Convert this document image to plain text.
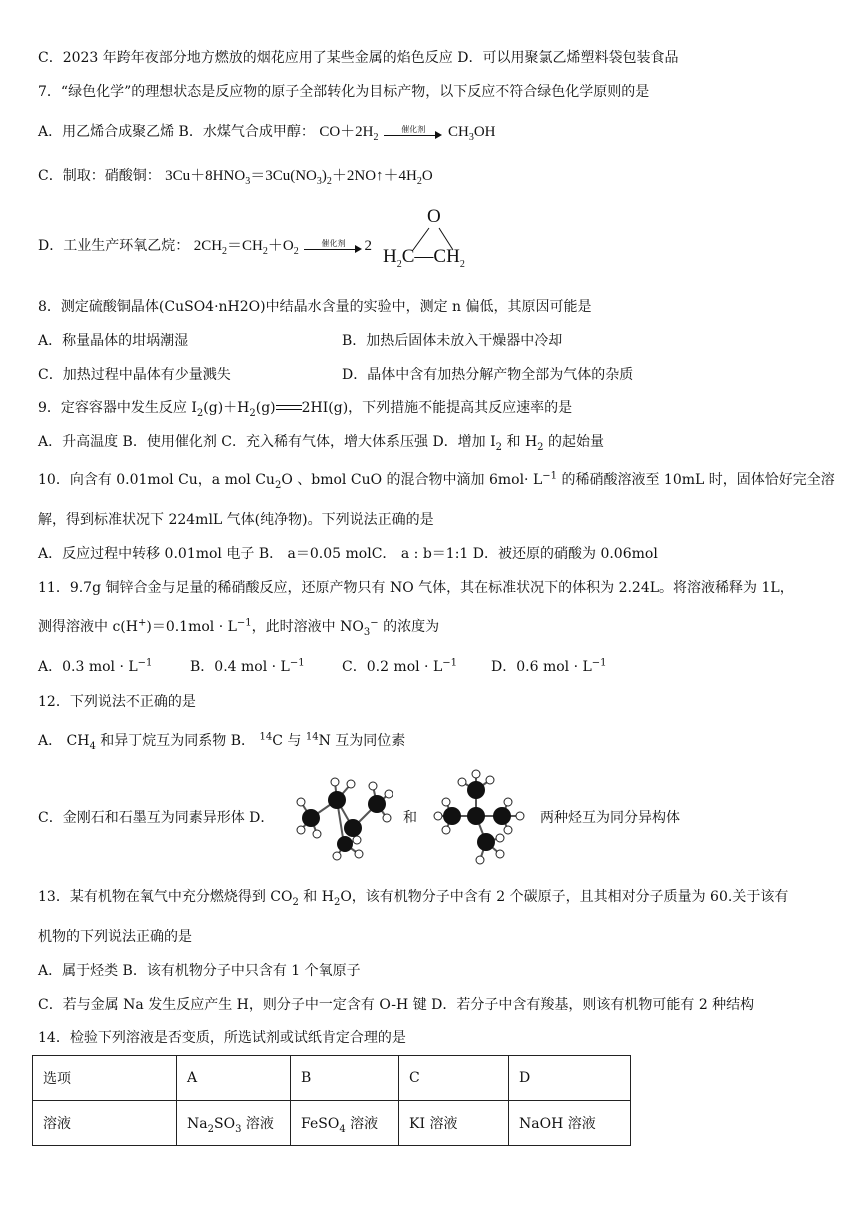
C．2023 年跨年夜部分地方燃放的烟花应用了某些金属的焰色反应 D．可以用聚氯乙烯塑料袋包装食品
7．“绿色化学”的理想状态是反应物的原子全部转化为目标产物，以下反应不符合绿色化学原则的是
A．用乙烯合成聚乙烯 B．水煤气合成甲醇： $CO+2H_2$
催化剂	$CH_3OH$
C．制取：硝酸铜： $3Cu+8HNO_3=3Cu(NO_3)_2+2NO↑+4H_2O$
D．工业生产环氧乙烷： $2CH_2=CH_2+O_2$
催化剂	2
O
$H_2C—CH_2$
8．测定硫酸铜晶体(CuSO4·nH2O)中结晶水含量的实验中，测定 n 偏低，其原因可能是
A．称量晶体的坩埚潮湿	B．加热后固体未放入干燥器中冷却
C．加热过程中晶体有少量溅失	D．晶体中含有加热分解产物全部为气体的杂质
9．定容容器中发生反应 $I_2(g)+H_2(g)$ 2HI(g)，下列措施不能提高其反应速率的是
A．升高温度 B．使用催化剂 C．充入稀有气体，增大体系压强 D．增加 $I_2$ 和 $H_2$ 的起始量
10．向含有 0.01mol Cu，a mol $Cu_2O$ 、bmol CuO 的混合物中滴加 $6mol\cdot L^{-1}$ 的稀硝酸溶液至 10mL 时，固体恰好完全溶
解，得到标准状况下 224mlL 气体(纯净物)。下列说法正确的是
A．反应过程中转移 0.01mol 电子 B． a＝0.05 molC． a : b＝1:1 D．被还原的硝酸为 0.06mol
11．9.7g 铜锌合金与足量的稀硝酸反应，还原产物只有 NO 气体，其在标准状况下的体积为 2.24L。将溶液稀释为 1L，
测得溶液中 $c(H^+)=0.1mol \cdot L^{-1}$，此时溶液中 $NO_3^-$ 的浓度为
A．0.3 mol · $L^{-1}$	B．0.4 mol · $L^{-1}$	C．0.2 mol · $L^{-1}$ D．0.6 mol · $L^{-1}$
12．下列说法不正确的是
A． $CH_4$ 和异丁烷互为同系物 B． $^{14}$C 与 $^{14}$N 互为同位素
C．金刚石和石墨互为同素异形体 D．	和	两种烃互为同分异构体
13．某有机物在氧气中充分燃烧得到 $CO_2$ 和 $H_2O$，该有机物分子中含有 2 个碳原子，且其相对分子质量为 60.关于该有
机物的下列说法正确的是
A．属于烃类 B．该有机物分子中只含有 1 个氧原子
C．若与金属 Na 发生反应产生 H，则分子中一定含有 O-H 键 D．若分子中含有羧基，则该有机物可能有 2 种结构
14．检验下列溶液是否变质，所选试剂或试纸肯定合理的是
选项	A	B	C	D
溶液	$Na_2SO_3$ 溶液	FeSO$_4$ 溶液	KI 溶液	NaOH 溶液
